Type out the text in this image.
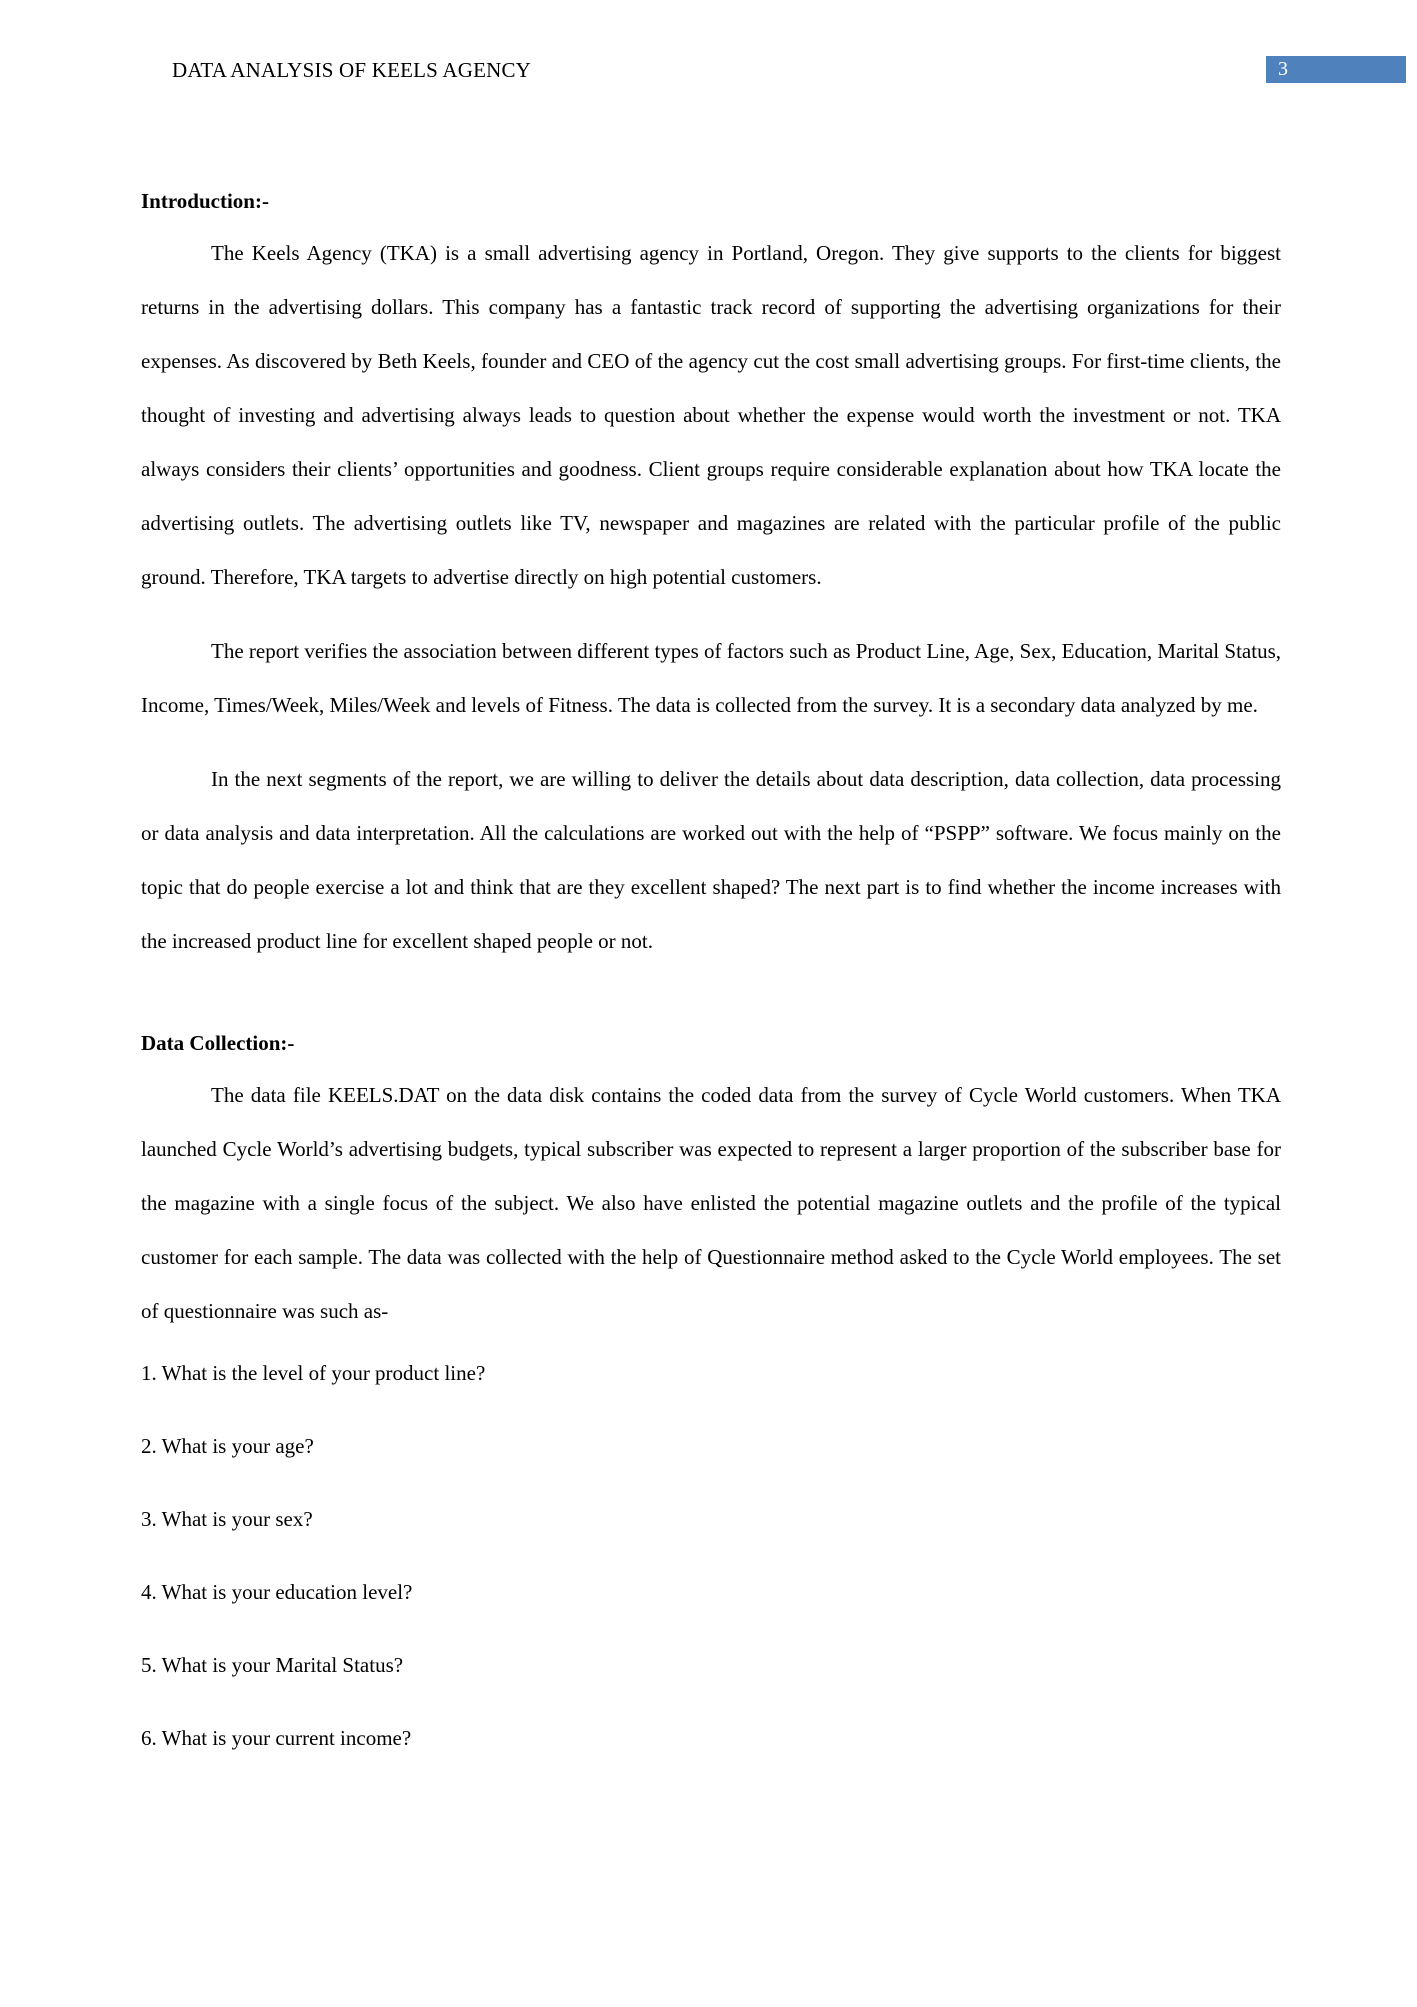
DATA ANALYSIS OF KEELS AGENCY	3

Introduction:-

The Keels Agency (TKA) is a small advertising agency in Portland, Oregon. They give supports to the clients for biggest returns in the advertising dollars. This company has a fantastic track record of supporting the advertising organizations for their expenses. As discovered by Beth Keels, founder and CEO of the agency cut the cost small advertising groups. For first-time clients, the thought of investing and advertising always leads to question about whether the expense would worth the investment or not. TKA always considers their clients’ opportunities and goodness. Client groups require considerable explanation about how TKA locate the advertising outlets. The advertising outlets like TV, newspaper and magazines are related with the particular profile of the public ground. Therefore, TKA targets to advertise directly on high potential customers.

The report verifies the association between different types of factors such as Product Line, Age, Sex, Education, Marital Status, Income, Times/Week, Miles/Week and levels of Fitness. The data is collected from the survey. It is a secondary data analyzed by me.

In the next segments of the report, we are willing to deliver the details about data description, data collection, data processing or data analysis and data interpretation. All the calculations are worked out with the help of “PSPP” software. We focus mainly on the topic that do people exercise a lot and think that are they excellent shaped? The next part is to find whether the income increases with the increased product line for excellent shaped people or not.

Data Collection:-

The data file KEELS.DAT on the data disk contains the coded data from the survey of Cycle World customers. When TKA launched Cycle World’s advertising budgets, typical subscriber was expected to represent a larger proportion of the subscriber base for the magazine with a single focus of the subject. We also have enlisted the potential magazine outlets and the profile of the typical customer for each sample. The data was collected with the help of Questionnaire method asked to the Cycle World employees. The set of questionnaire was such as-

1. What is the level of your product line?
2. What is your age?
3. What is your sex?
4. What is your education level?
5. What is your Marital Status?
6. What is your current income?
